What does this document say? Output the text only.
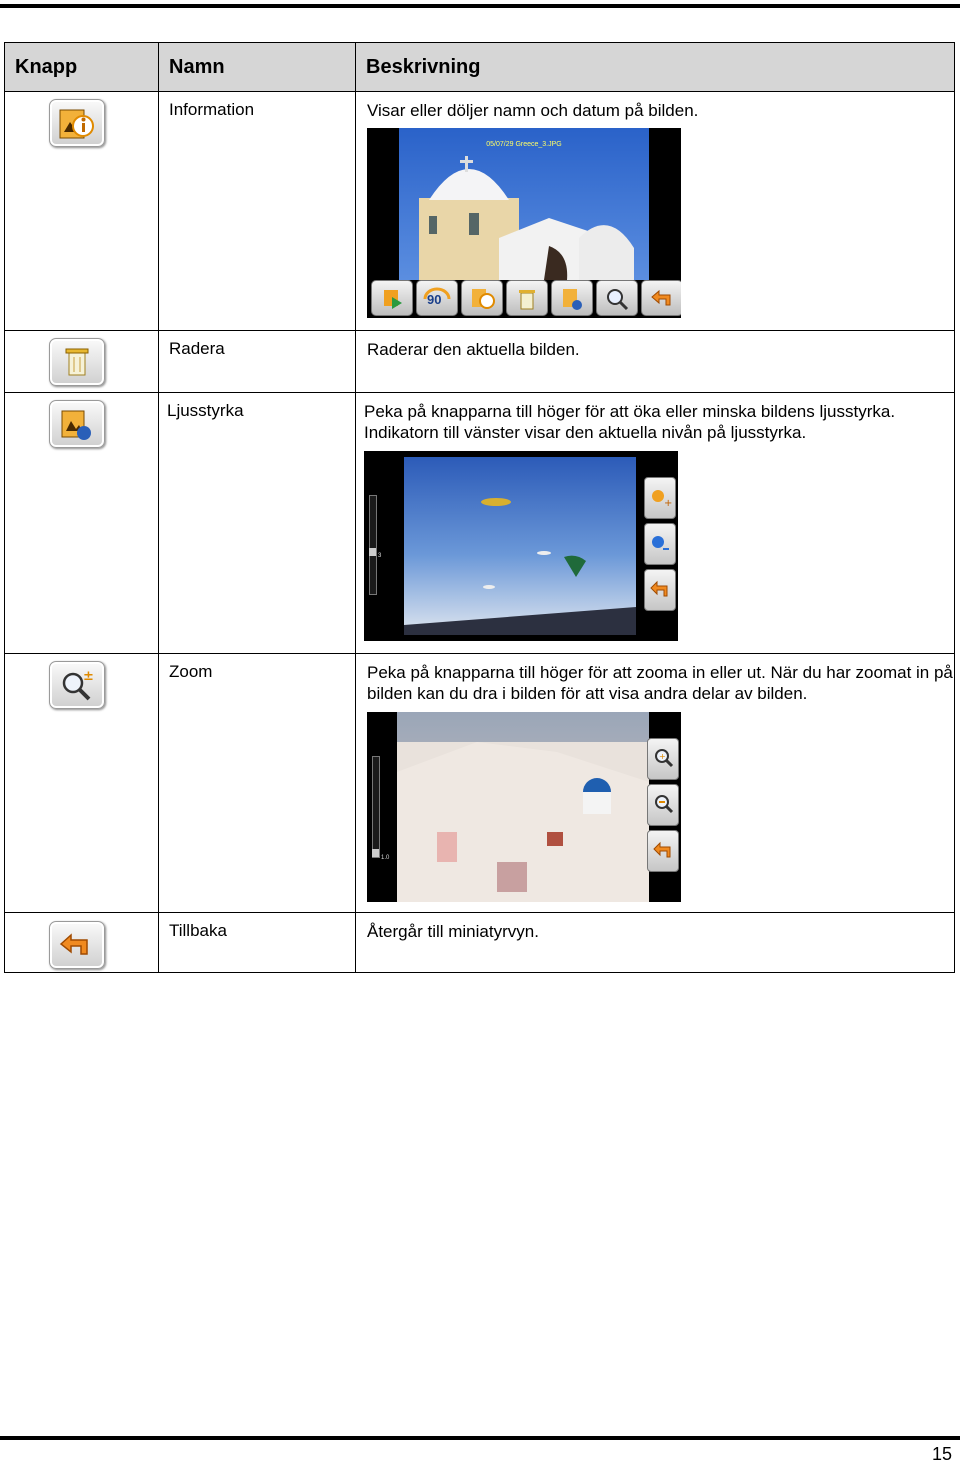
Knapp	Namn	Beskrivning

	Information	Visar eller döljer namn och datum på bilden.
05/07/29 Greece_3.JPG
90

	Radera	Raderar den aktuella bilden.

	Ljusstyrka	Peka på knapparna till höger för att öka eller minska bildens ljusstyrka.
Indikatorn till vänster visar den aktuella nivån på ljusstyrka.
3
+

±	Zoom	Peka på knapparna till höger för att zooma in eller ut. När du har zoomat in på bilden kan du dra i bilden för att visa andra delar av bilden.
1.0
+

	Tillbaka	Återgår till miniatyrvyn.
15
